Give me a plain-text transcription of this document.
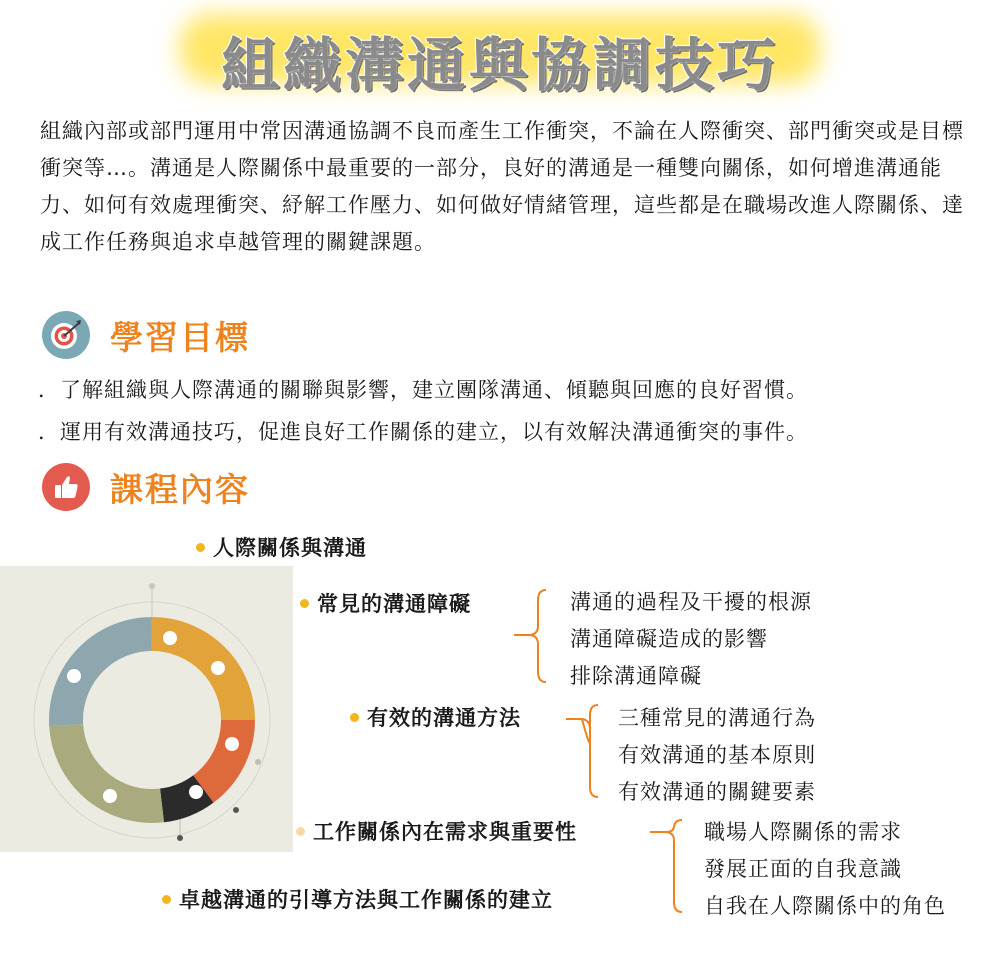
組織溝通與協調技巧
組織內部或部門運用中常因溝通協調不良而產生工作衝突，不論在人際衝突、部門衝突或是目標衝突等…。溝通是人際關係中最重要的一部分，良好的溝通是一種雙向關係，如何增進溝通能力、如何有效處理衝突、紓解工作壓力、如何做好情緒管理，這些都是在職場改進人際關係、達成工作任務與追求卓越管理的關鍵課題。
學習目標
．了解組織與人際溝通的關聯與影響，建立團隊溝通、傾聽與回應的良好習慣。
．運用有效溝通技巧，促進良好工作關係的建立，以有效解決溝通衝突的事件。
課程內容
人際關係與溝通
常見的溝通障礙	溝通的過程及干擾的根源
溝通障礙造成的影響
排除溝通障礙
有效的溝通方法	三種常見的溝通行為
有效溝通的基本原則
有效溝通的關鍵要素
工作關係內在需求與重要性	職場人際關係的需求
發展正面的自我意識
自我在人際關係中的角色
卓越溝通的引導方法與工作關係的建立
